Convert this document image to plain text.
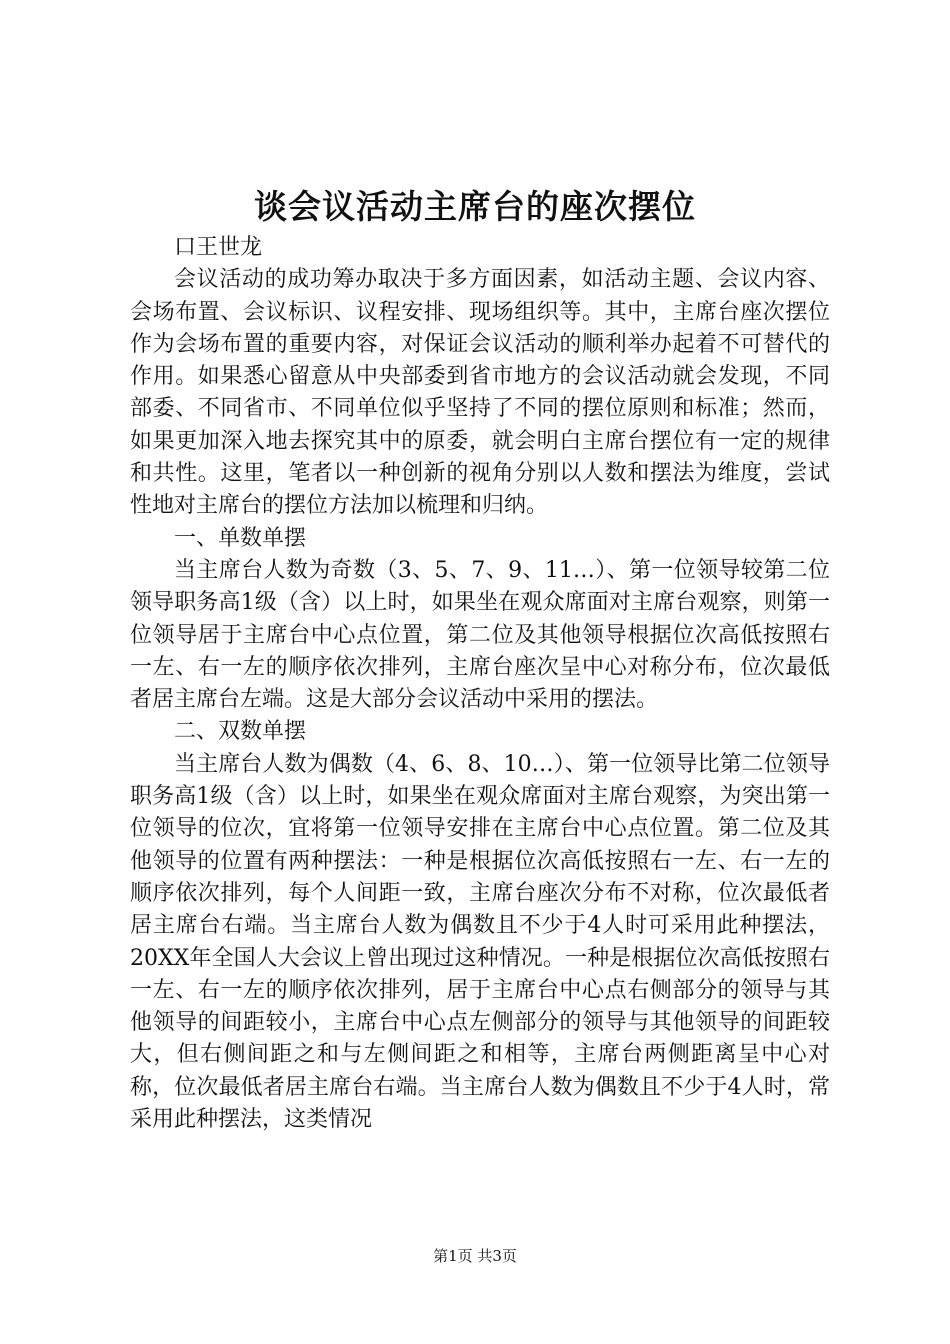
谈会议活动主席台的座次摆位

口王世龙

会议活动的成功筹办取决于多方面因素，如活动主题、会议内容、会场布置、会议标识、议程安排、现场组织等。其中，主席台座次摆位作为会场布置的重要内容，对保证会议活动的顺利举办起着不可替代的作用。如果悉心留意从中央部委到省市地方的会议活动就会发现，不同部委、不同省市、不同单位似乎坚持了不同的摆位原则和标准；然而，如果更加深入地去探究其中的原委，就会明白主席台摆位有一定的规律和共性。这里，笔者以一种创新的视角分别以人数和摆法为维度，尝试性地对主席台的摆位方法加以梳理和归纳。

一、单数单摆

当主席台人数为奇数（3、5、7、9、11…）、第一位领导较第二位领导职务高1级（含）以上时，如果坐在观众席面对主席台观察，则第一位领导居于主席台中心点位置，第二位及其他领导根据位次高低按照右一左、右一左的顺序依次排列，主席台座次呈中心对称分布，位次最低者居主席台左端。这是大部分会议活动中采用的摆法。

二、双数单摆

当主席台人数为偶数（4、6、8、10…）、第一位领导比第二位领导职务高1级（含）以上时，如果坐在观众席面对主席台观察，为突出第一位领导的位次，宜将第一位领导安排在主席台中心点位置。第二位及其他领导的位置有两种摆法：一种是根据位次高低按照右一左、右一左的顺序依次排列，每个人间距一致，主席台座次分布不对称，位次最低者居主席台右端。当主席台人数为偶数且不少于4人时可采用此种摆法，20XX年全国人大会议上曾出现过这种情况。一种是根据位次高低按照右一左、右一左的顺序依次排列，居于主席台中心点右侧部分的领导与其他领导的间距较小，主席台中心点左侧部分的领导与其他领导的间距较大，但右侧间距之和与左侧间距之和相等，主席台两侧距离呈中心对称，位次最低者居主席台右端。当主席台人数为偶数且不少于4人时，常采用此种摆法，这类情况

第1页 共3页
